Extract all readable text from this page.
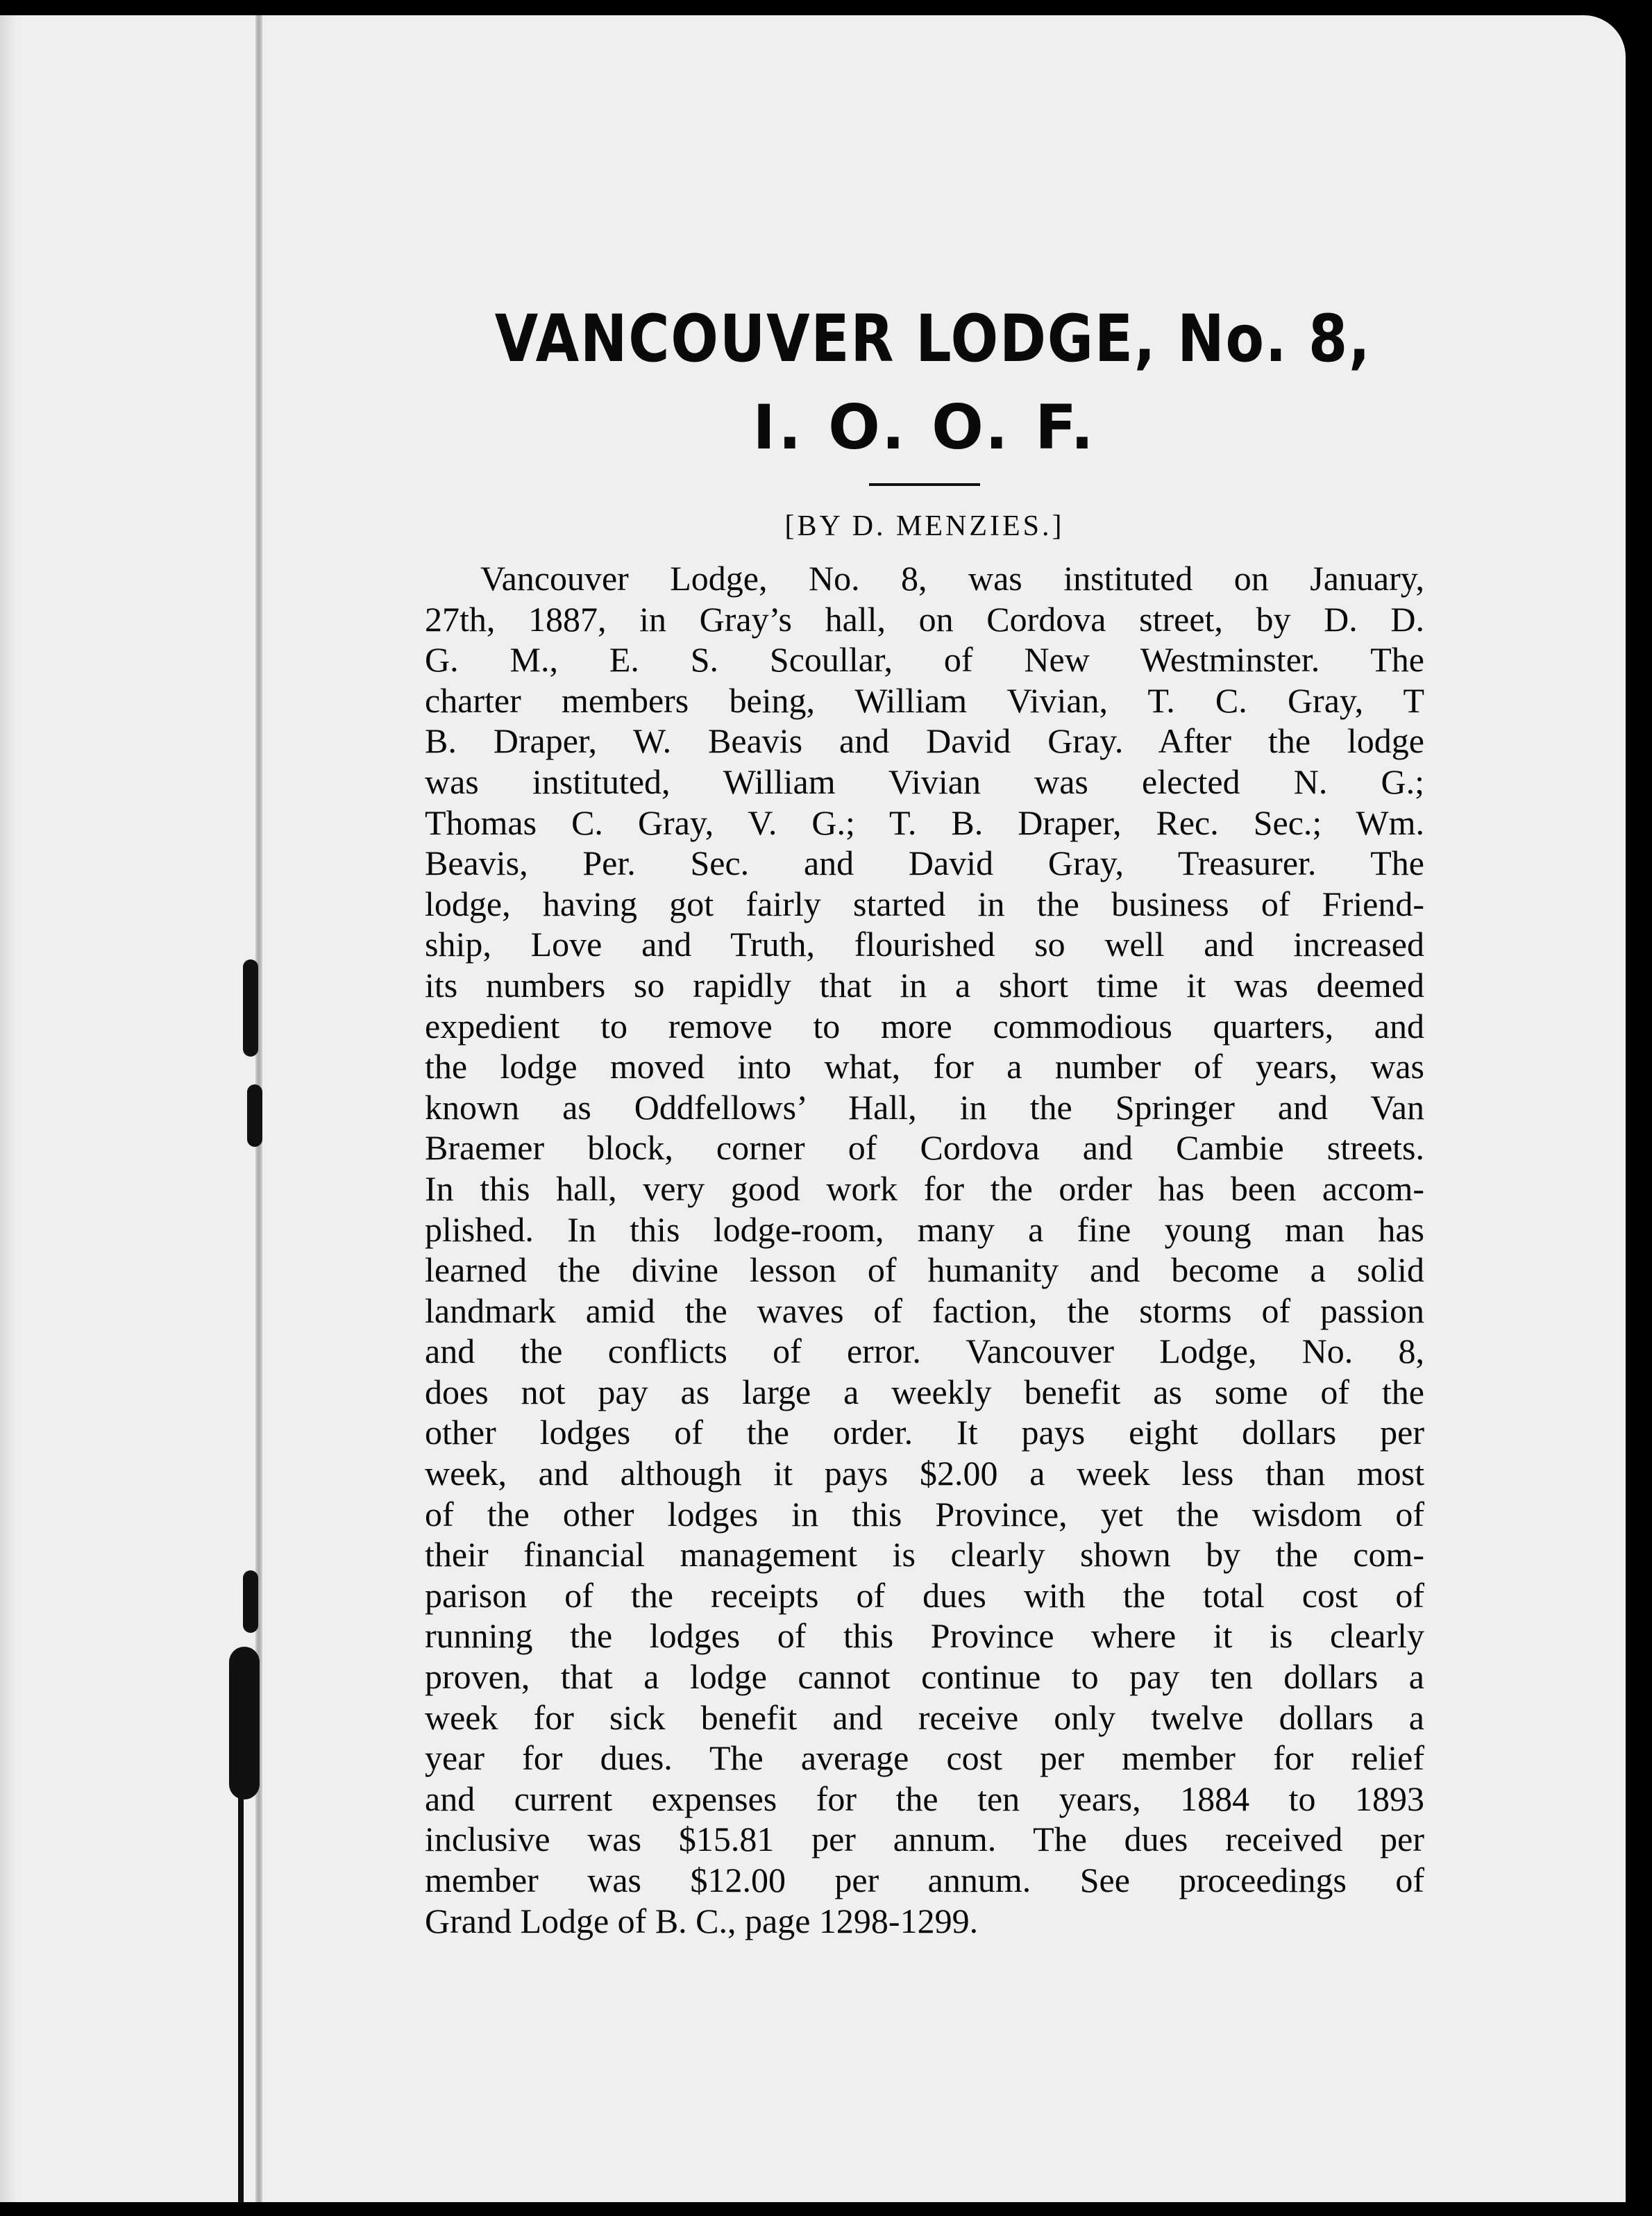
VANCOUVER LODGE, No. 8,
I. O. O. F.

[BY D. MENZIES.]

Vancouver Lodge, No. 8, was instituted on January,
27th, 1887, in Gray’s hall, on Cordova street, by D. D.
G. M., E. S. Scoullar, of New Westminster. The
charter members being, William Vivian, T. C. Gray, T
B. Draper, W. Beavis and David Gray. After the lodge
was instituted, William Vivian was elected N. G.;
Thomas C. Gray, V. G.; T. B. Draper, Rec. Sec.; Wm.
Beavis, Per. Sec. and David Gray, Treasurer. The
lodge, having got fairly started in the business of Friend-
ship, Love and Truth, flourished so well and increased
its numbers so rapidly that in a short time it was deemed
expedient to remove to more commodious quarters, and
the lodge moved into what, for a number of years, was
known as Oddfellows’ Hall, in the Springer and Van
Braemer block, corner of Cordova and Cambie streets.
In this hall, very good work for the order has been accom-
plished. In this lodge-room, many a fine young man has
learned the divine lesson of humanity and become a solid
landmark amid the waves of faction, the storms of passion
and the conflicts of error. Vancouver Lodge, No. 8,
does not pay as large a weekly benefit as some of the
other lodges of the order. It pays eight dollars per
week, and although it pays $2.00 a week less than most
of the other lodges in this Province, yet the wisdom of
their financial management is clearly shown by the com-
parison of the receipts of dues with the total cost of
running the lodges of this Province where it is clearly
proven, that a lodge cannot continue to pay ten dollars a
week for sick benefit and receive only twelve dollars a
year for dues. The average cost per member for relief
and current expenses for the ten years, 1884 to 1893
inclusive was $15.81 per annum. The dues received per
member was $12.00 per annum. See proceedings of
Grand Lodge of B. C., page 1298-1299.
